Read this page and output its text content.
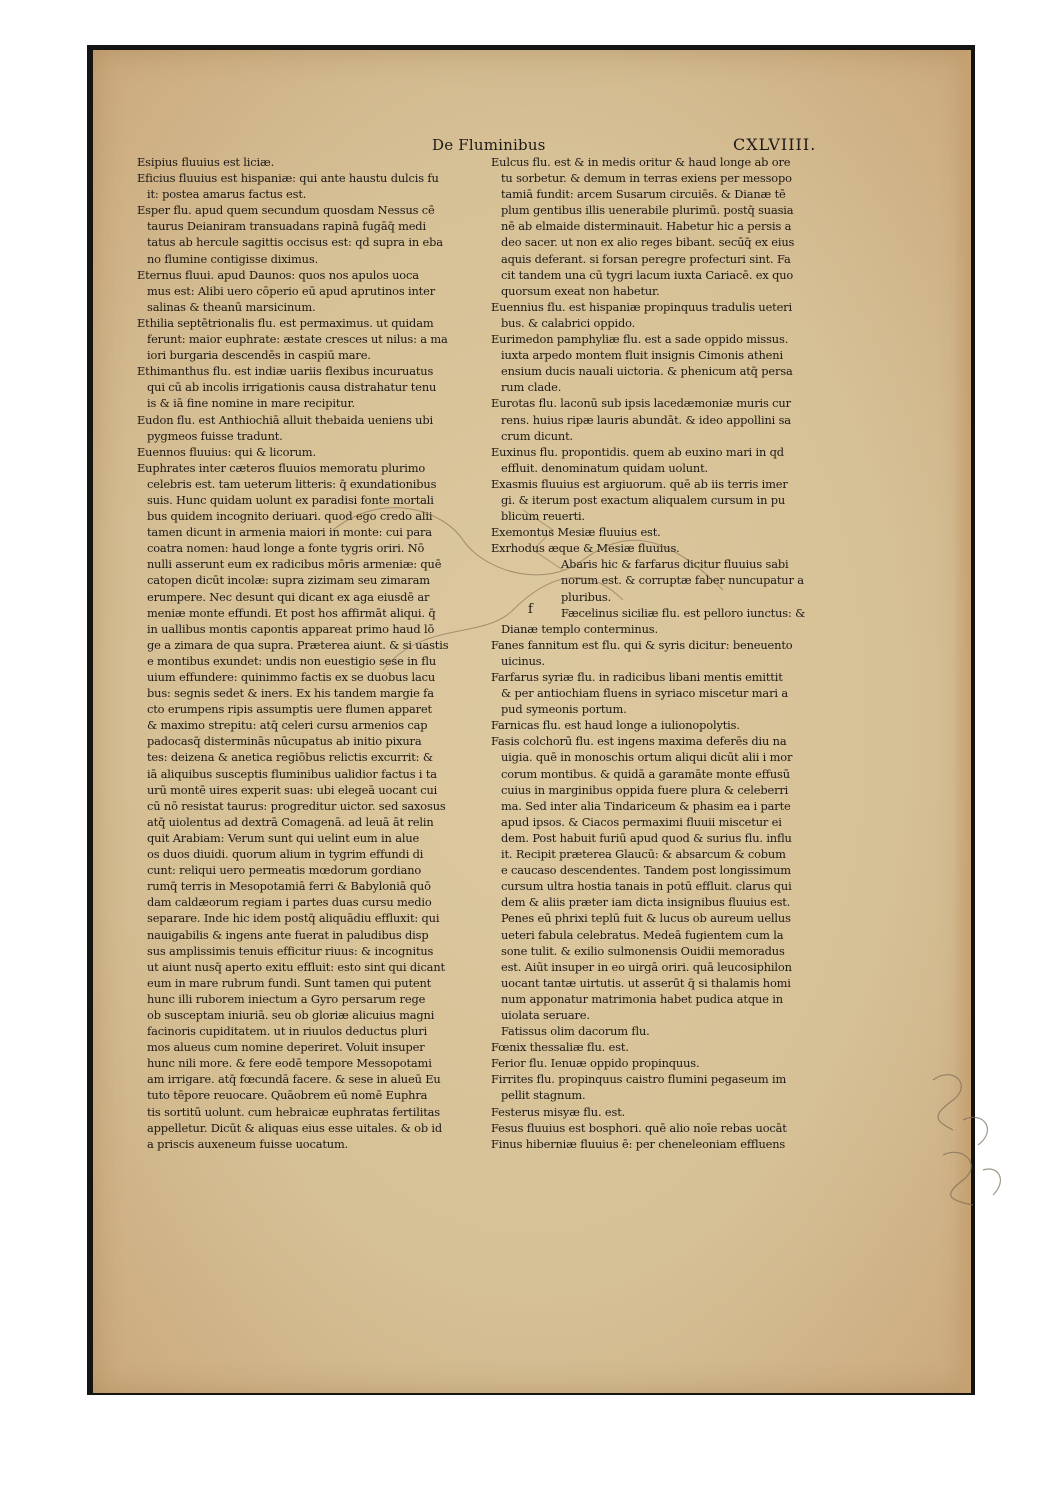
De Fluminibus	CXLVIIII.
Esipius fluuius est liciæ.
Eficius fluuius est hispaniæ: qui ante haustu dulcis fu
it: postea amarus factus est.
Esper flu. apud quem secundum quosdam Nessus cē
taurus Deianiram transuadans rapinā fugāq̄ medi
tatus ab hercule sagittis occisus est: qd supra in eba
no flumine contigisse diximus.
Eternus fluui. apud Daunos: quos nos apulos uoca
mus est: Alibi uero cōperio eū apud aprutinos inter
salinas & theanū marsicinum.
Ethilia septētrionalis flu. est permaximus. ut quidam
ferunt: maior euphrate: æstate cresces ut nilus: a ma
iori burgaria descendēs in caspiū mare.
Ethimanthus flu. est indiæ uariis flexibus incuruatus
qui cū ab incolis irrigationis causa distrahatur tenu
is & iā fine nomine in mare recipitur.
Eudon flu. est Anthiochiā alluit thebaida ueniens ubi
pygmeos fuisse tradunt.
Euennos fluuius: qui & licorum.
Euphrates inter cæteros fluuios memoratu plurimo
celebris est. tam ueterum litteris: q̄ exundationibus
suis. Hunc quidam uolunt ex paradisi fonte mortali
bus quidem incognito deriuari. quod ego credo alii
tamen dicunt in armenia maiori in monte: cui para
coatra nomen: haud longe a fonte tygris oriri. Nō
nulli asserunt eum ex radicibus mōris armeniæ: quē
catopen dicūt incolæ: supra zizimam seu zimaram
erumpere. Nec desunt qui dicant ex aga eiusdē ar
meniæ monte effundi. Et post hos affirmāt aliqui. q̄
in uallibus montis capontis appareat primo haud lō
ge a zimara de qua supra. Præterea aiunt. & si uastis
e montibus exundet: undis non euestigio sese in flu
uium effundere: quinimmo factis ex se duobus lacu
bus: segnis sedet & iners. Ex his tandem margie fa
cto erumpens ripis assumptis uere flumen apparet
& maximo strepitu: atq̄ celeri cursu armenios cap
padocasq̄ disterminās nūcupatus ab initio pixura
tes: deizena & anetica regiōbus relictis excurrit: &
iā aliquibus susceptis fluminibus ualidior factus i ta
urū montē uires experit suas: ubi elegeā uocant cui
cū nō resistat taurus: progreditur uictor. sed saxosus
atq̄ uiolentus ad dextrā Comagenā. ad leuā āt relin
quit Arabiam: Verum sunt qui uelint eum in alue
os duos diuidi. quorum alium in tygrim effundi di
cunt: reliqui uero permeatis mœdorum gordiano
rumq̄ terris in Mesopotamiā ferri & Babyloniā quō
dam caldæorum regiam i partes duas cursu medio
separare. Inde hic idem postq̄ aliquādiu effluxit: qui
nauigabilis & ingens ante fuerat in paludibus disp
sus amplissimis tenuis efficitur riuus: & incognitus
ut aiunt nusq̄ aperto exitu effluit: esto sint qui dicant
eum in mare rubrum fundi. Sunt tamen qui putent
hunc illi ruborem iniectum a Gyro persarum rege
ob susceptam iniuriā. seu ob gloriæ alicuius magni
facinoris cupiditatem. ut in riuulos deductus pluri
mos alueus cum nomine deperiret. Voluit insuper
hunc nili more. & fere eodē tempore Messopotami
am irrigare. atq̄ fœcundā facere. & sese in alueū Eu
tuto tēpore reuocare. Quāobrem eū nomē Euphra
tis sortitū uolunt. cum hebraicæ euphratas fertilitas
appelletur. Dicūt & aliquas eius esse uitales. & ob id
a priscis auxeneum fuisse uocatum.
Eulcus flu. est & in medis oritur & haud longe ab ore
tu sorbetur. & demum in terras exiens per messopo
tamiā fundit: arcem Susarum circuiēs. & Dianæ tē
plum gentibus illis uenerabile plurimū. postq̄ suasia
nē ab elmaide disterminauit. Habetur hic a persis a
deo sacer. ut non ex alio reges bibant. secūq̄ ex eius
aquis deferant. si forsan peregre profecturi sint. Fa
cit tandem una cū tygri lacum iuxta Cariacē. ex quo
quorsum exeat non habetur.
Euennius flu. est hispaniæ propinquus tradulis ueteri
bus. & calabrici oppido.
Eurimedon pamphyliæ flu. est a sade oppido missus.
iuxta arpedo montem fluit insignis Cimonis atheni
ensium ducis nauali uictoria. & phenicum atq̄ persa
rum clade.
Eurotas flu. laconū sub ipsis lacedæmoniæ muris cur
rens. huius ripæ lauris abundāt. & ideo appollini sa
crum dicunt.
Euxinus flu. propontidis. quem ab euxino mari in qd
effluit. denominatum quidam uolunt.
Exasmis fluuius est argiuorum. quē ab iis terris imer
gi. & iterum post exactum aliqualem cursum in pu
blicum reuerti.
Exemontus Mesiæ fluuius est.
Exrhodus æque & Mesiæ fluuius.
Abaris hic & farfarus dicitur fluuius sabi
norum est. & corruptæ faber nuncupatur a
pluribus.
Fæcelinus siciliæ flu. est pelloro iunctus: &
Dianæ templo conterminus.
Fanes fannitum est flu. qui & syris dicitur: beneuento
uicinus.
Farfarus syriæ flu. in radicibus libani mentis emittit
& per antiochiam fluens in syriaco miscetur mari a
pud symeonis portum.
Farnicas flu. est haud longe a iulionopolytis.
Fasis colchorū flu. est ingens maxima deferēs diu na
uigia. quē in monoschis ortum aliqui dicūt alii i mor
corum montibus. & quidā a garamāte monte effusū
cuius in marginibus oppida fuere plura & celeberri
ma. Sed inter alia Tindariceum & phasim ea i parte
apud ipsos. & Ciacos permaximi fluuii miscetur ei
dem. Post habuit furiū apud quod & surius flu. influ
it. Recipit præterea Glaucū: & absarcum & cobum
e caucaso descendentes. Tandem post longissimum
cursum ultra hostia tanais in potū effluit. clarus qui
dem & aliis præter iam dicta insignibus fluuius est.
Penes eū phrixi teplū fuit & lucus ob aureum uellus
ueteri fabula celebratus. Medeā fugientem cum la
sone tulit. & exilio sulmonensis Ouidii memoradus
est. Aiūt insuper in eo uirgā oriri. quā leucosiphilon
uocant tantæ uirtutis. ut asserūt q̄ si thalamis homi
num apponatur matrimonia habet pudica atque in
uiolata seruare.
Fatissus olim dacorum flu.
Fœnix thessaliæ flu. est.
Ferior flu. Ienuæ oppido propinquus.
Firrites flu. propinquus caistro flumini pegaseum im
pellit stagnum.
Festerus misyæ flu. est.
Fesus fluuius est bosphori. quē alio noīe rebas uocāt
Finus hiberniæ fluuius ē: per cheneleoniam effluens
f
